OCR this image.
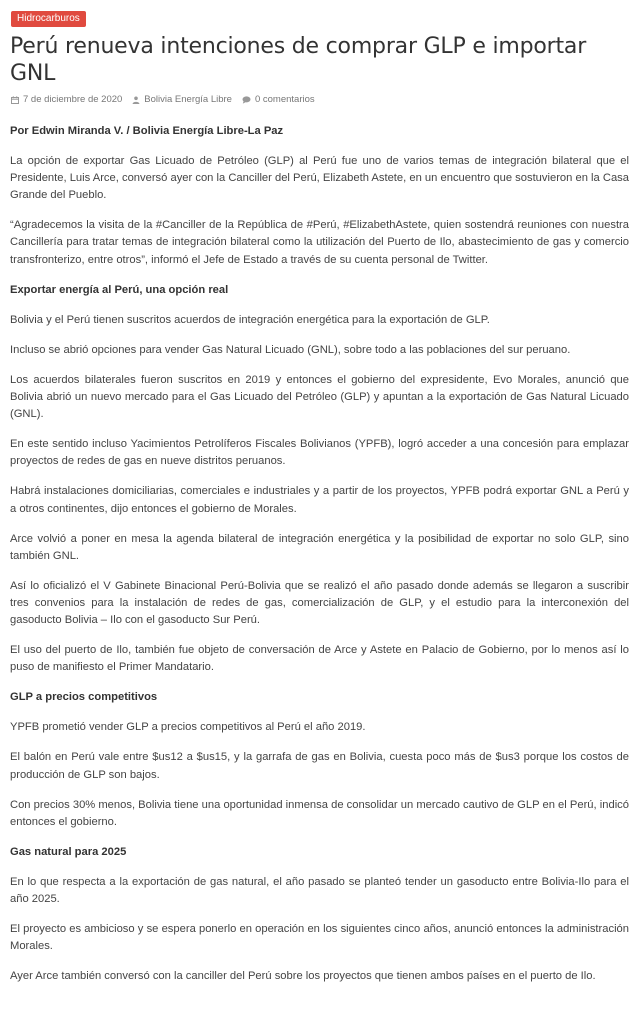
Hidrocarburos
Perú renueva intenciones de comprar GLP e importar GNL
7 de diciembre de 2020 Bolivia Energía Libre 0 comentarios

Por Edwin Miranda V. / Bolivia Energía Libre-La Paz

La opción de exportar Gas Licuado de Petróleo (GLP) al Perú fue uno de varios temas de integración bilateral que el Presidente, Luis Arce, conversó ayer con la Canciller del Perú, Elizabeth Astete, en un encuentro que sostuvieron en la Casa Grande del Pueblo.

“Agradecemos la visita de la #Canciller de la República de #Perú, #ElizabethAstete, quien sostendrá reuniones con nuestra Cancillería para tratar temas de integración bilateral como la utilización del Puerto de Ilo, abastecimiento de gas y comercio transfronterizo, entre otros”, informó el Jefe de Estado a través de su cuenta personal de Twitter.

Exportar energía al Perú, una opción real

Bolivia y el Perú tienen suscritos acuerdos de integración energética para la exportación de GLP.

Incluso se abrió opciones para vender Gas Natural Licuado (GNL), sobre todo a las poblaciones del sur peruano.

Los acuerdos bilaterales fueron suscritos en 2019 y entonces el gobierno del expresidente, Evo Morales, anunció que Bolivia abrió un nuevo mercado para el Gas Licuado del Petróleo (GLP) y apuntan a la exportación de Gas Natural Licuado (GNL).

En este sentido incluso Yacimientos Petrolíferos Fiscales Bolivianos (YPFB), logró acceder a una concesión para emplazar proyectos de redes de gas en nueve distritos peruanos.

Habrá instalaciones domiciliarias, comerciales e industriales y a partir de los proyectos, YPFB podrá exportar GNL a Perú y a otros continentes, dijo entonces el gobierno de Morales.

Arce volvió a poner en mesa la agenda bilateral de integración energética y la posibilidad de exportar no solo GLP, sino también GNL.

Así lo oficializó el V Gabinete Binacional Perú-Bolivia que se realizó el año pasado donde además se llegaron a suscribir tres convenios para la instalación de redes de gas, comercialización de GLP, y el estudio para la interconexión del gasoducto Bolivia – Ilo con el gasoducto Sur Perú.

El uso del puerto de Ilo, también fue objeto de conversación de Arce y Astete en Palacio de Gobierno, por lo menos así lo puso de manifiesto el Primer Mandatario.

GLP a precios competitivos

YPFB prometió vender GLP a precios competitivos al Perú el año 2019.

El balón en Perú vale entre $us12 a $us15, y la garrafa de gas en Bolivia, cuesta poco más de $us3 porque los costos de producción de GLP son bajos.

Con precios 30% menos, Bolivia tiene una oportunidad inmensa de consolidar un mercado cautivo de GLP en el Perú, indicó entonces el gobierno.

Gas natural para 2025

En lo que respecta a la exportación de gas natural, el año pasado se planteó tender un gasoducto entre Bolivia-Ilo para el año 2025.

El proyecto es ambicioso y se espera ponerlo en operación en los siguientes cinco años, anunció entonces la administración Morales.

Ayer Arce también conversó con la canciller del Perú sobre los proyectos que tienen ambos países en el puerto de Ilo.
